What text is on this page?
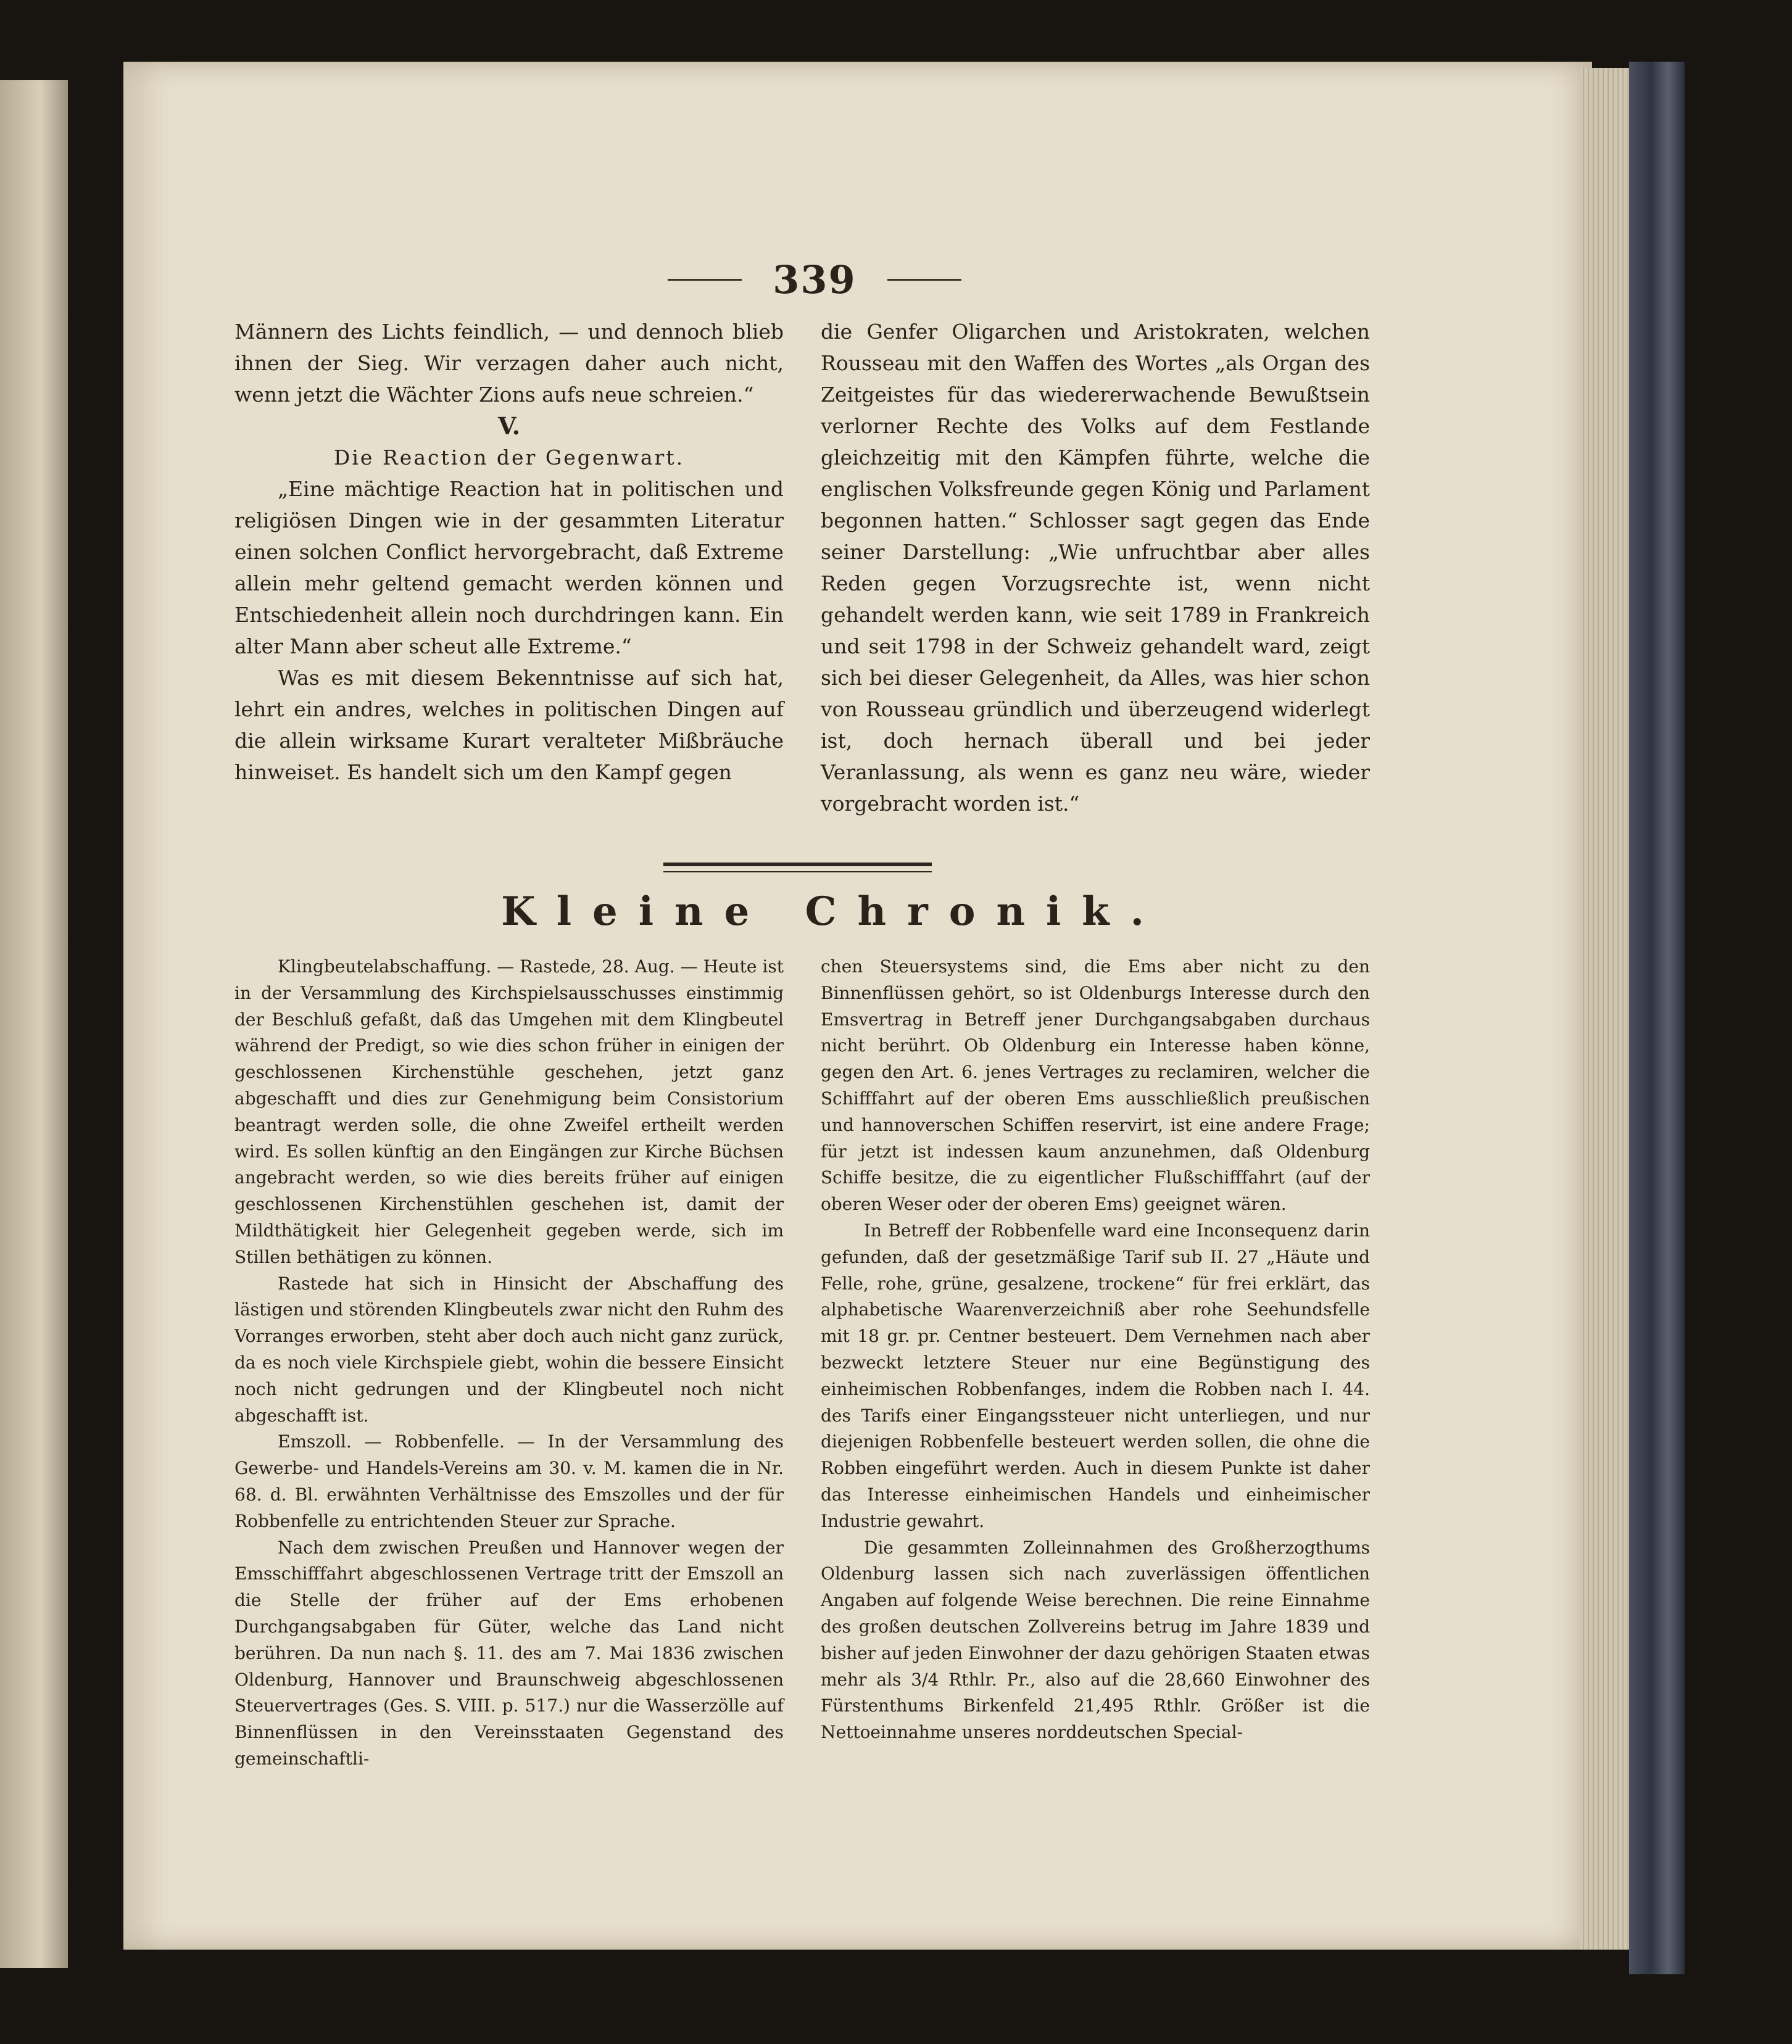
339

Männern des Lichts feindlich, — und dennoch blieb ihnen der Sieg. Wir verzagen daher auch nicht, wenn jetzt die Wächter Zions aufs neue schreien.“

V.

Die Reaction der Gegenwart.

„Eine mächtige Reaction hat in politischen und religiösen Dingen wie in der gesammten Literatur einen solchen Conflict hervorgebracht, daß Extreme allein mehr geltend gemacht werden können und Entschiedenheit allein noch durchdringen kann. Ein alter Mann aber scheut alle Extreme.“

Was es mit diesem Bekenntnisse auf sich hat, lehrt ein andres, welches in politischen Dingen auf die allein wirksame Kurart veralteter Mißbräuche hinweiset. Es handelt sich um den Kampf gegen

die Genfer Oligarchen und Aristokraten, welchen Rousseau mit den Waffen des Wortes „als Organ des Zeitgeistes für das wiedererwachende Bewußtsein verlorner Rechte des Volks auf dem Festlande gleichzeitig mit den Kämpfen führte, welche die englischen Volksfreunde gegen König und Parlament begonnen hatten.“ Schlosser sagt gegen das Ende seiner Darstellung: „Wie unfruchtbar aber alles Reden gegen Vorzugsrechte ist, wenn nicht gehandelt werden kann, wie seit 1789 in Frankreich und seit 1798 in der Schweiz gehandelt ward, zeigt sich bei dieser Gelegenheit, da Alles, was hier schon von Rousseau gründlich und überzeugend widerlegt ist, doch hernach überall und bei jeder Veranlassung, als wenn es ganz neu wäre, wieder vorgebracht worden ist.“

Kleine Chronik.

Klingbeutelabschaffung. — Rastede, 28. Aug. — Heute ist in der Versammlung des Kirchspielsausschusses einstimmig der Beschluß gefaßt, daß das Umgehen mit dem Klingbeutel während der Predigt, so wie dies schon früher in einigen der geschlossenen Kirchenstühle geschehen, jetzt ganz abgeschafft und dies zur Genehmigung beim Consistorium beantragt werden solle, die ohne Zweifel ertheilt werden wird. Es sollen künftig an den Eingängen zur Kirche Büchsen angebracht werden, so wie dies bereits früher auf einigen geschlossenen Kirchenstühlen geschehen ist, damit der Mildthätigkeit hier Gelegenheit gegeben werde, sich im Stillen bethätigen zu können.

Rastede hat sich in Hinsicht der Abschaffung des lästigen und störenden Klingbeutels zwar nicht den Ruhm des Vorranges erworben, steht aber doch auch nicht ganz zurück, da es noch viele Kirchspiele giebt, wohin die bessere Einsicht noch nicht gedrungen und der Klingbeutel noch nicht abgeschafft ist.

Emszoll. — Robbenfelle. — In der Versammlung des Gewerbe- und Handels-Vereins am 30. v. M. kamen die in Nr. 68. d. Bl. erwähnten Verhältnisse des Emszolles und der für Robbenfelle zu entrichtenden Steuer zur Sprache.

Nach dem zwischen Preußen und Hannover wegen der Emsschifffahrt abgeschlossenen Vertrage tritt der Emszoll an die Stelle der früher auf der Ems erhobenen Durchgangsabgaben für Güter, welche das Land nicht berühren. Da nun nach §. 11. des am 7. Mai 1836 zwischen Oldenburg, Hannover und Braunschweig abgeschlossenen Steuervertrages (Ges. S. VIII. p. 517.) nur die Wasserzölle auf Binnenflüssen in den Vereinsstaaten Gegenstand des gemeinschaftli-

chen Steuersystems sind, die Ems aber nicht zu den Binnenflüssen gehört, so ist Oldenburgs Interesse durch den Emsvertrag in Betreff jener Durchgangsabgaben durchaus nicht berührt. Ob Oldenburg ein Interesse haben könne, gegen den Art. 6. jenes Vertrages zu reclamiren, welcher die Schifffahrt auf der oberen Ems ausschließlich preußischen und hannoverschen Schiffen reservirt, ist eine andere Frage; für jetzt ist indessen kaum anzunehmen, daß Oldenburg Schiffe besitze, die zu eigentlicher Flußschifffahrt (auf der oberen Weser oder der oberen Ems) geeignet wären.

In Betreff der Robbenfelle ward eine Inconsequenz darin gefunden, daß der gesetzmäßige Tarif sub II. 27 „Häute und Felle, rohe, grüne, gesalzene, trockene“ für frei erklärt, das alphabetische Waarenverzeichniß aber rohe Seehundsfelle mit 18 gr. pr. Centner besteuert. Dem Vernehmen nach aber bezweckt letztere Steuer nur eine Begünstigung des einheimischen Robbenfanges, indem die Robben nach I. 44. des Tarifs einer Eingangssteuer nicht unterliegen, und nur diejenigen Robbenfelle besteuert werden sollen, die ohne die Robben eingeführt werden. Auch in diesem Punkte ist daher das Interesse einheimischen Handels und einheimischer Industrie gewahrt.

Die gesammten Zolleinnahmen des Großherzogthums Oldenburg lassen sich nach zuverlässigen öffentlichen Angaben auf folgende Weise berechnen. Die reine Einnahme des großen deutschen Zollvereins betrug im Jahre 1839 und bisher auf jeden Einwohner der dazu gehörigen Staaten etwas mehr als 3/4 Rthlr. Pr., also auf die 28,660 Einwohner des Fürstenthums Birkenfeld 21,495 Rthlr. Größer ist die Nettoeinnahme unseres norddeutschen Special-
